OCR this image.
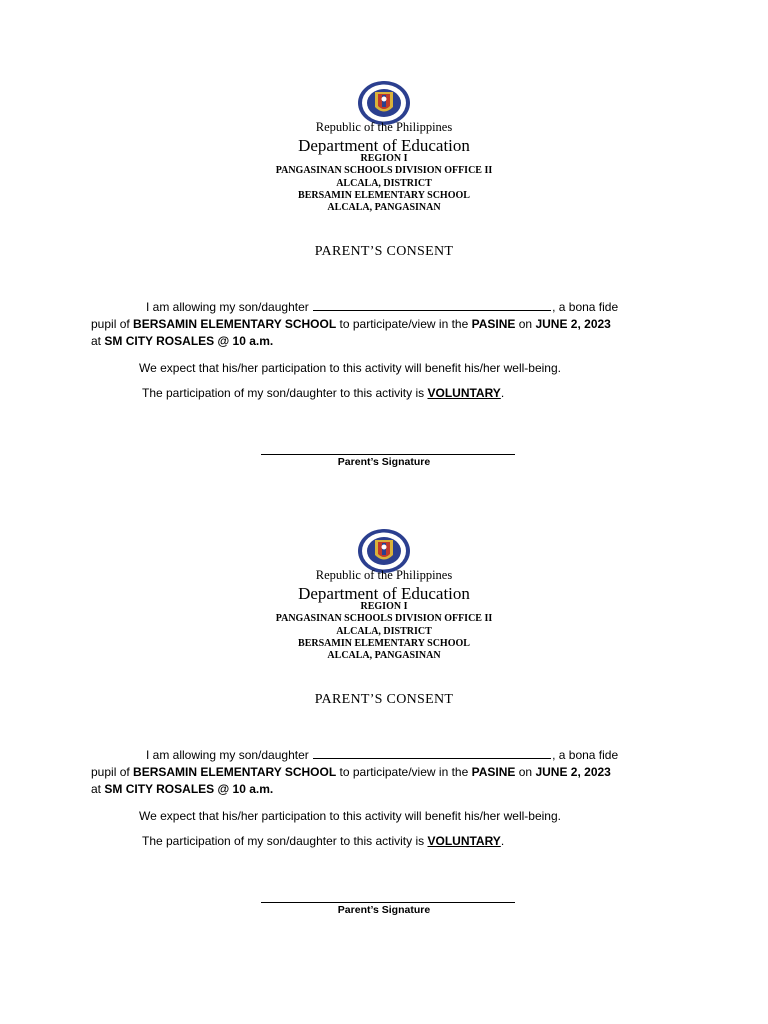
Republic of the Philippines
Department of Education
REGION I
PANGASINAN SCHOOLS DIVISION OFFICE II
ALCALA, DISTRICT
BERSAMIN ELEMENTARY SCHOOL
ALCALA, PANGASINAN
PARENT’S CONSENT
I am allowing my son/daughter	, a bona fide
pupil of BERSAMIN ELEMENTARY SCHOOL to participate/view in the PASINE on JUNE 2, 2023
at SM CITY ROSALES @ 10 a.m.
We expect that his/her participation to this activity will benefit his/her well-being.
The participation of my son/daughter to this activity is VOLUNTARY.
Parent’s Signature
Republic of the Philippines
Department of Education
REGION I
PANGASINAN SCHOOLS DIVISION OFFICE II
ALCALA, DISTRICT
BERSAMIN ELEMENTARY SCHOOL
ALCALA, PANGASINAN
PARENT’S CONSENT
I am allowing my son/daughter	, a bona fide
pupil of BERSAMIN ELEMENTARY SCHOOL to participate/view in the PASINE on JUNE 2, 2023
at SM CITY ROSALES @ 10 a.m.
We expect that his/her participation to this activity will benefit his/her well-being.
The participation of my son/daughter to this activity is VOLUNTARY.
Parent’s Signature
